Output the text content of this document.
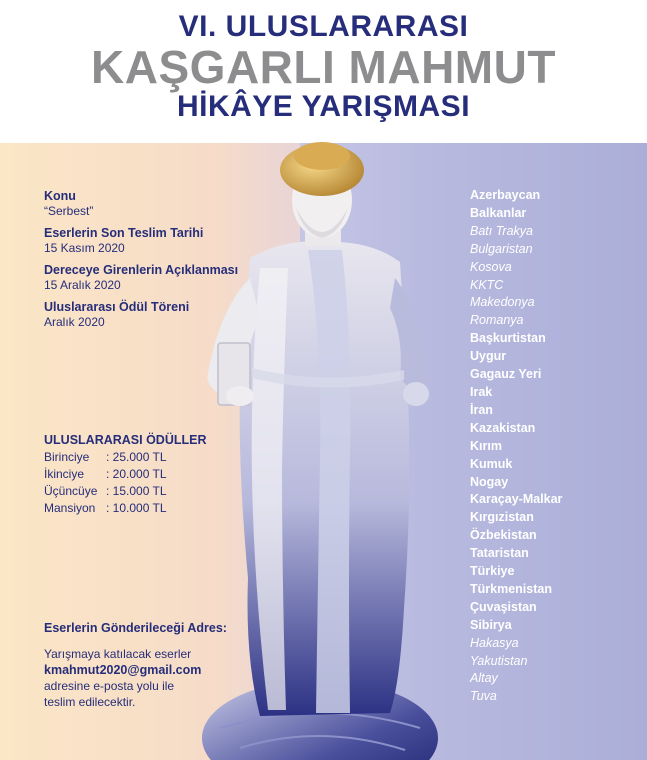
VI. ULUSLARARASI
KAŞGARLI MAHMUT
HİKÂYE YARIŞMASI
Konu
“Serbest”
Eserlerin Son Teslim Tarihi
15 Kasım 2020
Dereceye Girenlerin Açıklanması
15 Aralık 2020
Uluslararası Ödül Töreni
Aralık 2020
ULUSLARARASI ÖDÜLLER
Birinciye : 25.000 TL
İkinciye : 20.000 TL
Üçüncüye : 15.000 TL
Mansiyon : 10.000 TL
Eserlerin Gönderileceği Adres:
Yarışmaya katılacak eserler
kmahmut2020@gmail.com
adresine e-posta yolu ile
teslim edilecektir.
Azerbaycan
Balkanlar
Batı Trakya
Bulgaristan
Kosova
KKTC
Makedonya
Romanya
Başkurtistan
Uygur
Gagauz Yeri
Irak
İran
Kazakistan
Kırım
Kumuk
Nogay
Karaçay-Malkar
Kırgızistan
Özbekistan
Tataristan
Türkiye
Türkmenistan
Çuvaşistan
Sibirya
Hakasya
Yakutistan
Altay
Tuva
